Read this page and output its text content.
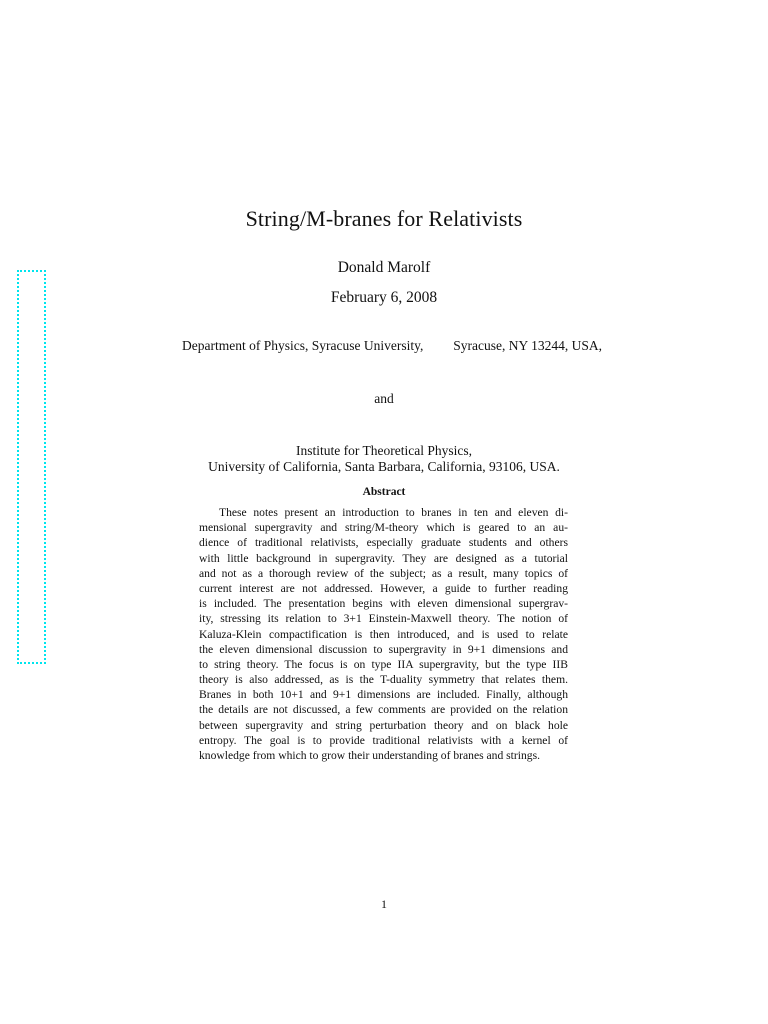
String/M-branes for Relativists
Donald Marolf
February 6, 2008
Department of Physics, Syracuse University, Syracuse, NY 13244, USA,
and
Institute for Theoretical Physics,
University of California, Santa Barbara, California, 93106, USA.
Abstract
These notes present an introduction to branes in ten and eleven di-
mensional supergravity and string/M-theory which is geared to an au-
dience of traditional relativists, especially graduate students and others
with little background in supergravity. They are designed as a tutorial
and not as a thorough review of the subject; as a result, many topics of
current interest are not addressed. However, a guide to further reading
is included. The presentation begins with eleven dimensional supergrav-
ity, stressing its relation to 3+1 Einstein-Maxwell theory. The notion of
Kaluza-Klein compactification is then introduced, and is used to relate
the eleven dimensional discussion to supergravity in 9+1 dimensions and
to string theory. The focus is on type IIA supergravity, but the type IIB
theory is also addressed, as is the T-duality symmetry that relates them.
Branes in both 10+1 and 9+1 dimensions are included. Finally, although
the details are not discussed, a few comments are provided on the relation
between supergravity and string perturbation theory and on black hole
entropy. The goal is to provide traditional relativists with a kernel of
knowledge from which to grow their understanding of branes and strings.
1
